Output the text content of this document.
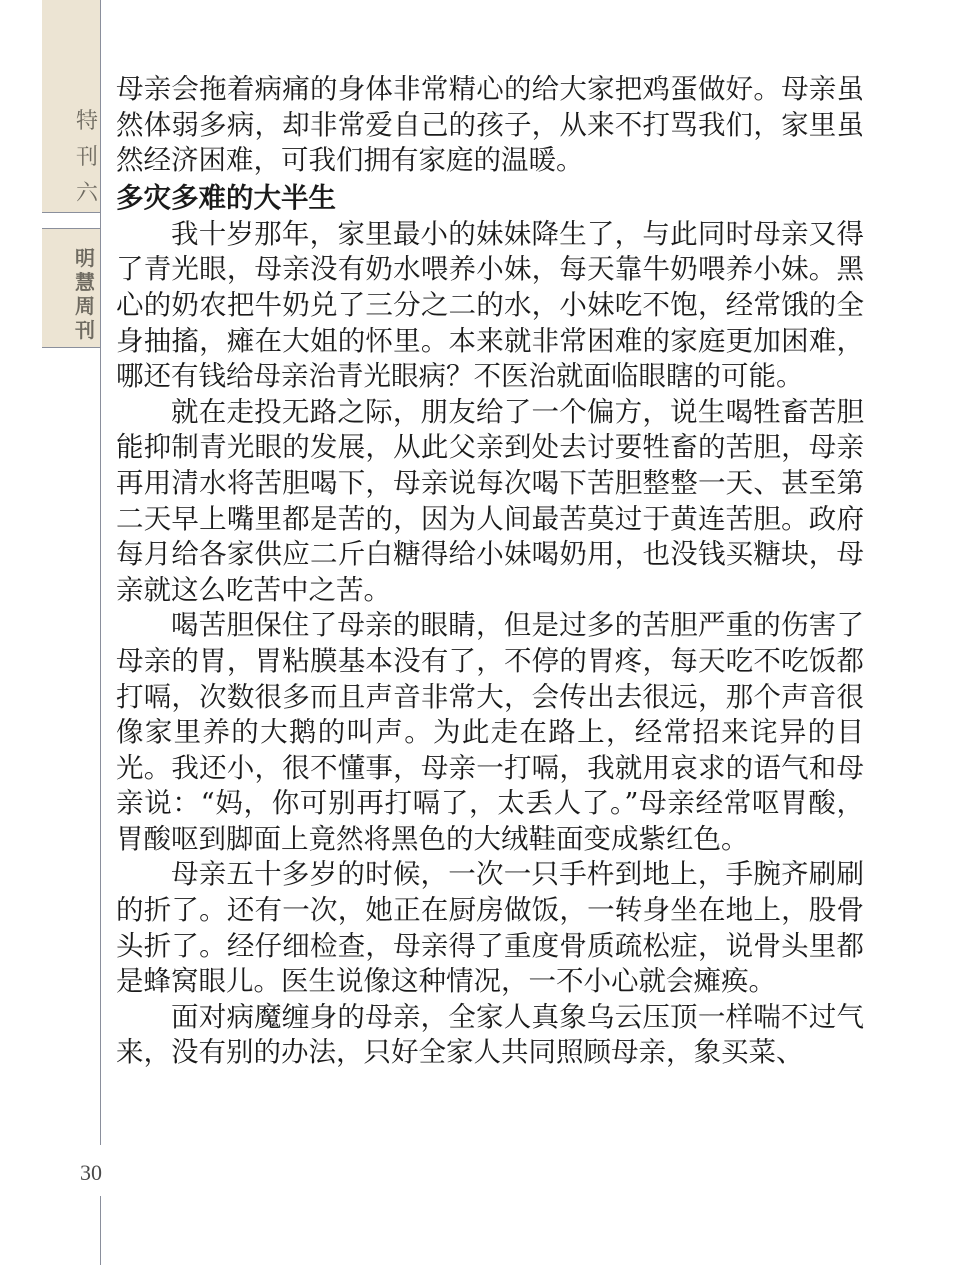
特
刊
六
明
慧
周
刊
30

母亲会拖着病痛的身体非常精心的给大家把鸡蛋做好。母亲虽然体弱多病，却非常爱自己的孩子，从来不打骂我们，家里虽然经济困难，可我们拥有家庭的温暖。

多灾多难的大半生

我十岁那年，家里最小的妹妹降生了，与此同时母亲又得了青光眼，母亲没有奶水喂养小妹，每天靠牛奶喂养小妹。黑心的奶农把牛奶兑了三分之二的水，小妹吃不饱，经常饿的全身抽搐，瘫在大姐的怀里。本来就非常困难的家庭更加困难，哪还有钱给母亲治青光眼病？不医治就面临眼瞎的可能。

就在走投无路之际，朋友给了一个偏方，说生喝牲畜苦胆能抑制青光眼的发展，从此父亲到处去讨要牲畜的苦胆，母亲再用清水将苦胆喝下，母亲说每次喝下苦胆整整一天、甚至第二天早上嘴里都是苦的，因为人间最苦莫过于黄连苦胆。政府每月给各家供应二斤白糖得给小妹喝奶用，也没钱买糖块，母亲就这么吃苦中之苦。

喝苦胆保住了母亲的眼睛，但是过多的苦胆严重的伤害了母亲的胃，胃粘膜基本没有了，不停的胃疼，每天吃不吃饭都打嗝，次数很多而且声音非常大，会传出去很远，那个声音很像家里养的大鹅的叫声。为此走在路上，经常招来诧异的目光。我还小，很不懂事，母亲一打嗝，我就用哀求的语气和母亲说：“妈，你可别再打嗝了，太丢人了。”母亲经常呕胃酸，胃酸呕到脚面上竟然将黑色的大绒鞋面变成紫红色。

母亲五十多岁的时候，一次一只手杵到地上，手腕齐刷刷的折了。还有一次，她正在厨房做饭，一转身坐在地上，股骨头折了。经仔细检查，母亲得了重度骨质疏松症，说骨头里都是蜂窝眼儿。医生说像这种情况，一不小心就会瘫痪。

面对病魔缠身的母亲，全家人真象乌云压顶一样喘不过气来，没有别的办法，只好全家人共同照顾母亲，象买菜、
